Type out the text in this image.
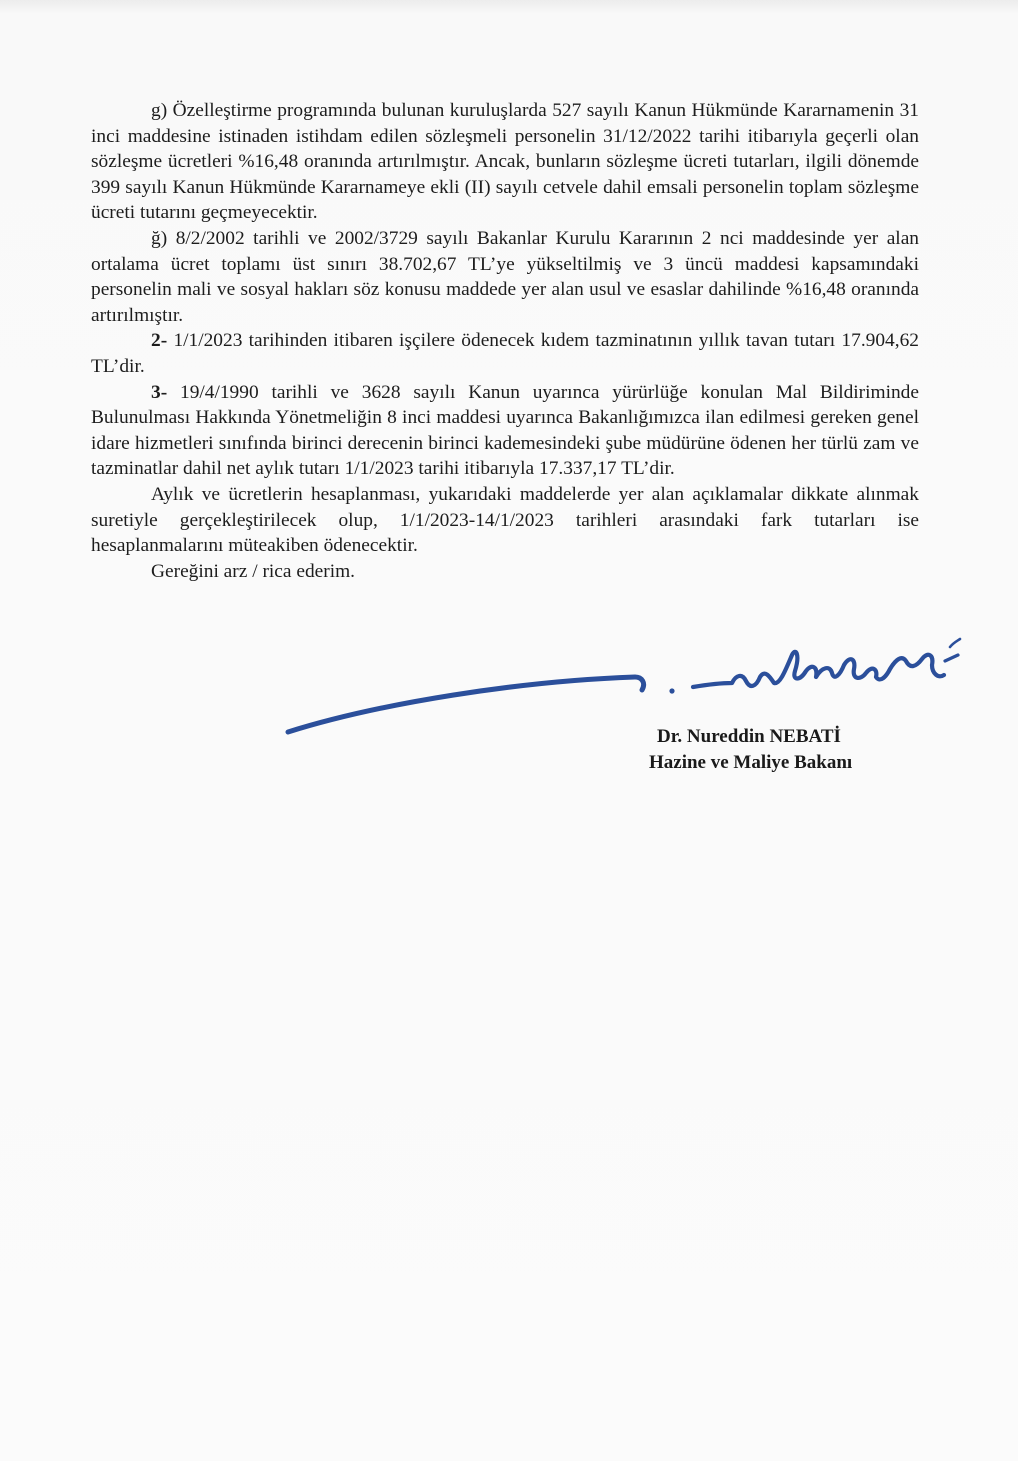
g) Özelleştirme programında bulunan kuruluşlarda 527 sayılı Kanun Hükmünde Kararnamenin 31 inci maddesine istinaden istihdam edilen sözleşmeli personelin 31/12/2022 tarihi itibarıyla geçerli olan sözleşme ücretleri %16,48 oranında artırılmıştır. Ancak, bunların sözleşme ücreti tutarları, ilgili dönemde 399 sayılı Kanun Hükmünde Kararnameye ekli (II) sayılı cetvele dahil emsali personelin toplam sözleşme ücreti tutarını geçmeyecektir.

ğ) 8/2/2002 tarihli ve 2002/3729 sayılı Bakanlar Kurulu Kararının 2 nci maddesinde yer alan ortalama ücret toplamı üst sınırı 38.702,67 TL’ye yükseltilmiş ve 3 üncü maddesi kapsamındaki personelin mali ve sosyal hakları söz konusu maddede yer alan usul ve esaslar dahilinde %16,48 oranında artırılmıştır.

2- 1/1/2023 tarihinden itibaren işçilere ödenecek kıdem tazminatının yıllık tavan tutarı 17.904,62 TL’dir.

3- 19/4/1990 tarihli ve 3628 sayılı Kanun uyarınca yürürlüğe konulan Mal Bildiriminde Bulunulması Hakkında Yönetmeliğin 8 inci maddesi uyarınca Bakanlığımızca ilan edilmesi gereken genel idare hizmetleri sınıfında birinci derecenin birinci kademesindeki şube müdürüne ödenen her türlü zam ve tazminatlar dahil net aylık tutarı 1/1/2023 tarihi itibarıyla 17.337,17 TL’dir.

Aylık ve ücretlerin hesaplanması, yukarıdaki maddelerde yer alan açıklamalar dikkate alınmak suretiyle gerçekleştirilecek olup, 1/1/2023-14/1/2023 tarihleri arasındaki fark tutarları ise hesaplanmalarını müteakiben ödenecektir.

Gereğini arz / rica ederim.

Dr. Nureddin NEBATİ
Hazine ve Maliye Bakanı
